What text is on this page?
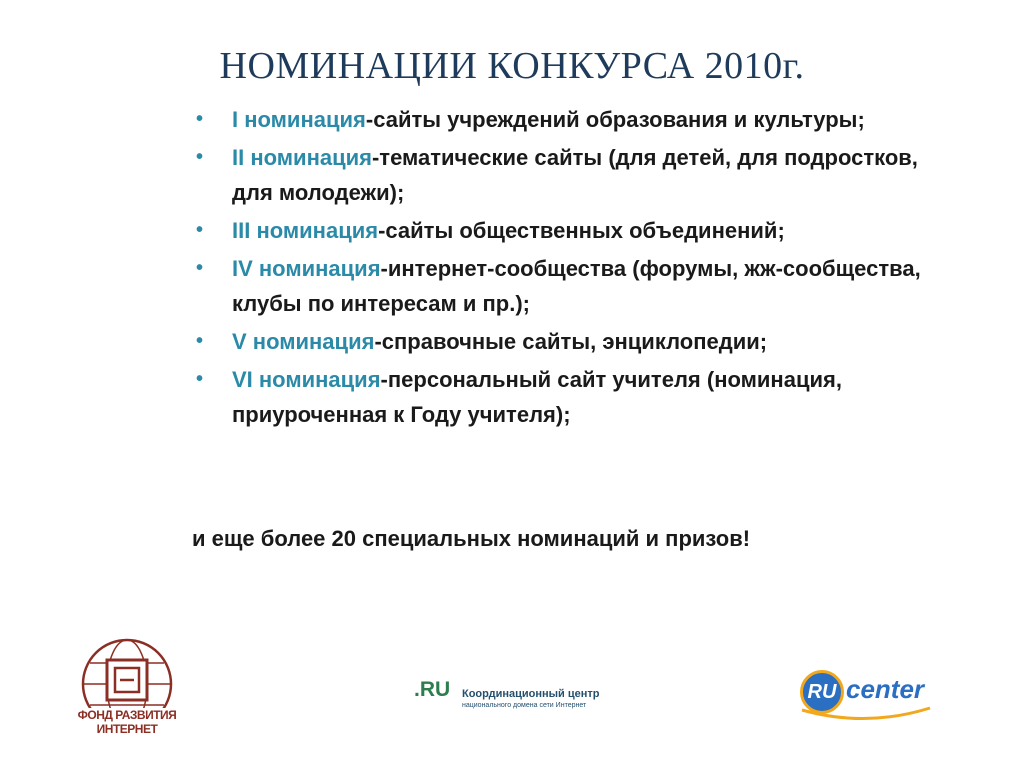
НОМИНАЦИИ КОНКУРСА 2010г.
• I номинация-сайты учреждений образования и культуры;
• II номинация-тематические сайты (для детей, для подростков, для молодежи);
• III номинация-сайты общественных объединений;
• IV номинация-интернет-сообщества (форумы, жж-сообщества, клубы по интересам и пр.);
• V номинация-справочные сайты, энциклопедии;
• VI номинация-персональный сайт учителя (номинация, приуроченная к Году учителя);
и еще более 20 специальных номинаций и призов!
ФОНД РАЗВИТИЯ ИНТЕРНЕТ
.RU Координационный центр
национального домена сети Интернет
RU center
